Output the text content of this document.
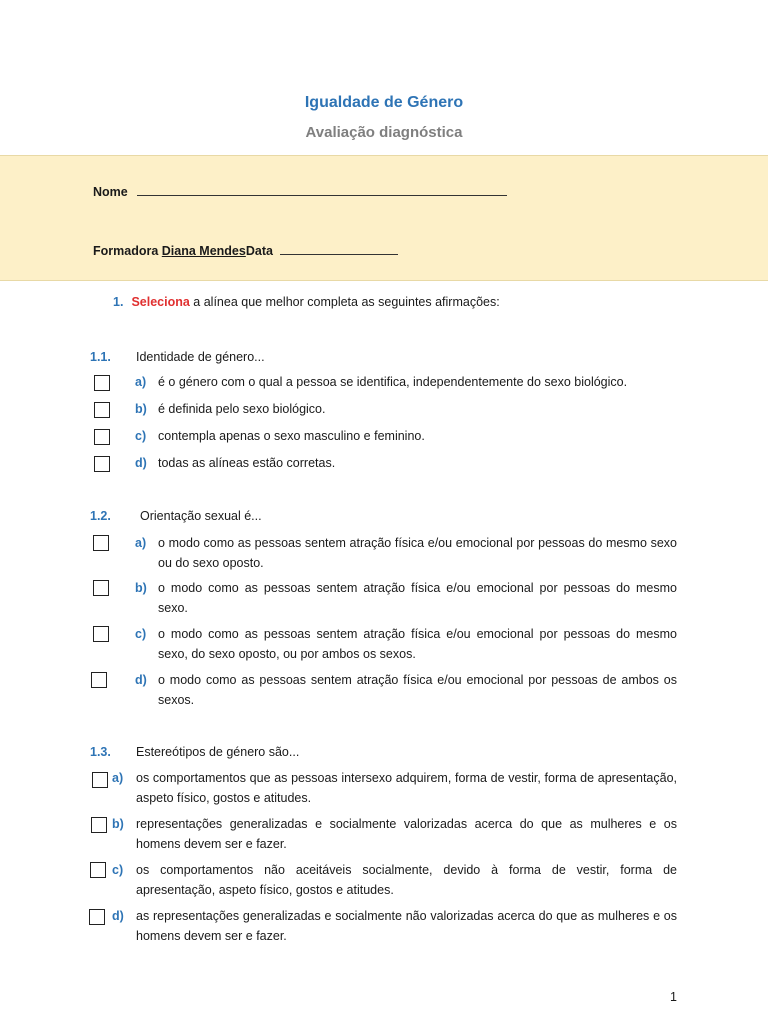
Igualdade de Género
Avaliação diagnóstica
Nome
Formadora Diana MendesData
1. Seleciona a alínea que melhor completa as seguintes afirmações:
1.1. Identidade de género...
a) é o género com o qual a pessoa se identifica, independentemente do sexo biológico.
b) é definida pelo sexo biológico.
c) contempla apenas o sexo masculino e feminino.
d) todas as alíneas estão corretas.
1.2. Orientação sexual é...
a) o modo como as pessoas sentem atração física e/ou emocional por pessoas do mesmo sexo ou do sexo oposto.
b) o modo como as pessoas sentem atração física e/ou emocional por pessoas do mesmo sexo.
c) o modo como as pessoas sentem atração física e/ou emocional por pessoas do mesmo sexo, do sexo oposto, ou por ambos os sexos.
d) o modo como as pessoas sentem atração física e/ou emocional por pessoas de ambos os sexos.
1.3. Estereótipos de género são...
a) os comportamentos que as pessoas intersexo adquirem, forma de vestir, forma de apresentação, aspeto físico, gostos e atitudes.
b) representações generalizadas e socialmente valorizadas acerca do que as mulheres e os homens devem ser e fazer.
c) os comportamentos não aceitáveis socialmente, devido à forma de vestir, forma de apresentação, aspeto físico, gostos e atitudes.
d) as representações generalizadas e socialmente não valorizadas acerca do que as mulheres e os homens devem ser e fazer.
1
